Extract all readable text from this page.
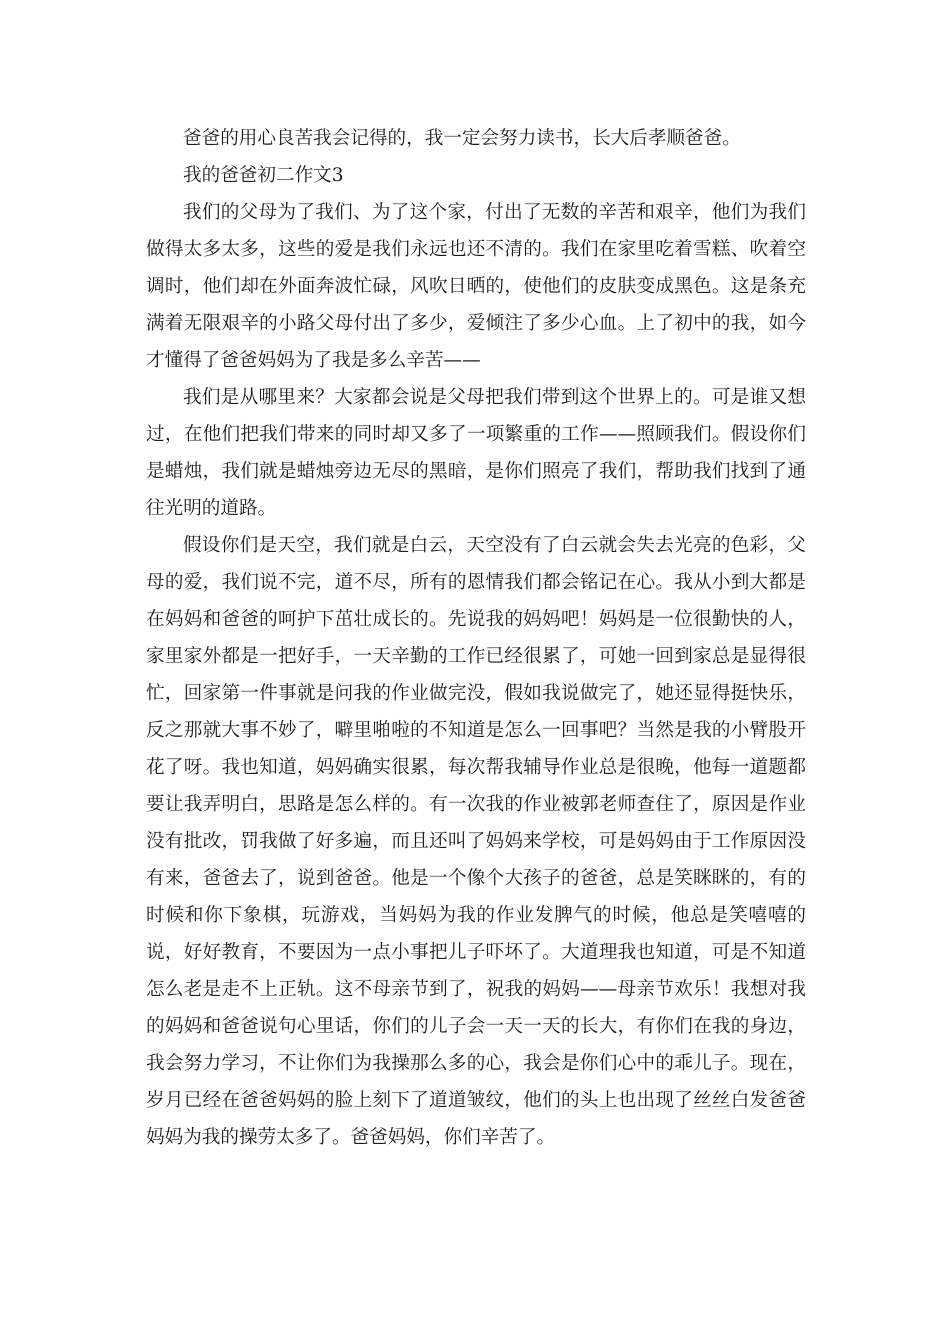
爸爸的用心良苦我会记得的，我一定会努力读书，长大后孝顺爸爸。

我的爸爸初二作文3

我们的父母为了我们、为了这个家，付出了无数的辛苦和艰辛，他们为我们做得太多太多，这些的爱是我们永远也还不清的。我们在家里吃着雪糕、吹着空调时，他们却在外面奔波忙碌，风吹日晒的，使他们的皮肤变成黑色。这是条充满着无限艰辛的小路父母付出了多少，爱倾注了多少心血。上了初中的我，如今才懂得了爸爸妈妈为了我是多么辛苦——

我们是从哪里来？大家都会说是父母把我们带到这个世界上的。可是谁又想过，在他们把我们带来的同时却又多了一项繁重的工作——照顾我们。假设你们是蜡烛，我们就是蜡烛旁边无尽的黑暗，是你们照亮了我们，帮助我们找到了通往光明的道路。

假设你们是天空，我们就是白云，天空没有了白云就会失去光亮的色彩，父母的爱，我们说不完，道不尽，所有的恩情我们都会铭记在心。我从小到大都是在妈妈和爸爸的呵护下茁壮成长的。先说我的妈妈吧！妈妈是一位很勤快的人，家里家外都是一把好手，一天辛勤的工作已经很累了，可她一回到家总是显得很忙，回家第一件事就是问我的作业做完没，假如我说做完了，她还显得挺快乐，反之那就大事不妙了，噼里啪啦的不知道是怎么一回事吧？当然是我的小臂股开花了呀。我也知道，妈妈确实很累，每次帮我辅导作业总是很晚，他每一道题都要让我弄明白，思路是怎么样的。有一次我的作业被郭老师查住了，原因是作业没有批改，罚我做了好多遍，而且还叫了妈妈来学校，可是妈妈由于工作原因没有来，爸爸去了，说到爸爸。他是一个像个大孩子的爸爸，总是笑眯眯的，有的时候和你下象棋，玩游戏，当妈妈为我的作业发脾气的时候，他总是笑嘻嘻的说，好好教育，不要因为一点小事把儿子吓坏了。大道理我也知道，可是不知道怎么老是走不上正轨。这不母亲节到了，祝我的妈妈——母亲节欢乐！我想对我的妈妈和爸爸说句心里话，你们的儿子会一天一天的长大，有你们在我的身边，我会努力学习，不让你们为我操那么多的心，我会是你们心中的乖儿子。现在，岁月已经在爸爸妈妈的脸上刻下了道道皱纹，他们的头上也出现了丝丝白发爸爸妈妈为我的操劳太多了。爸爸妈妈，你们辛苦了。
